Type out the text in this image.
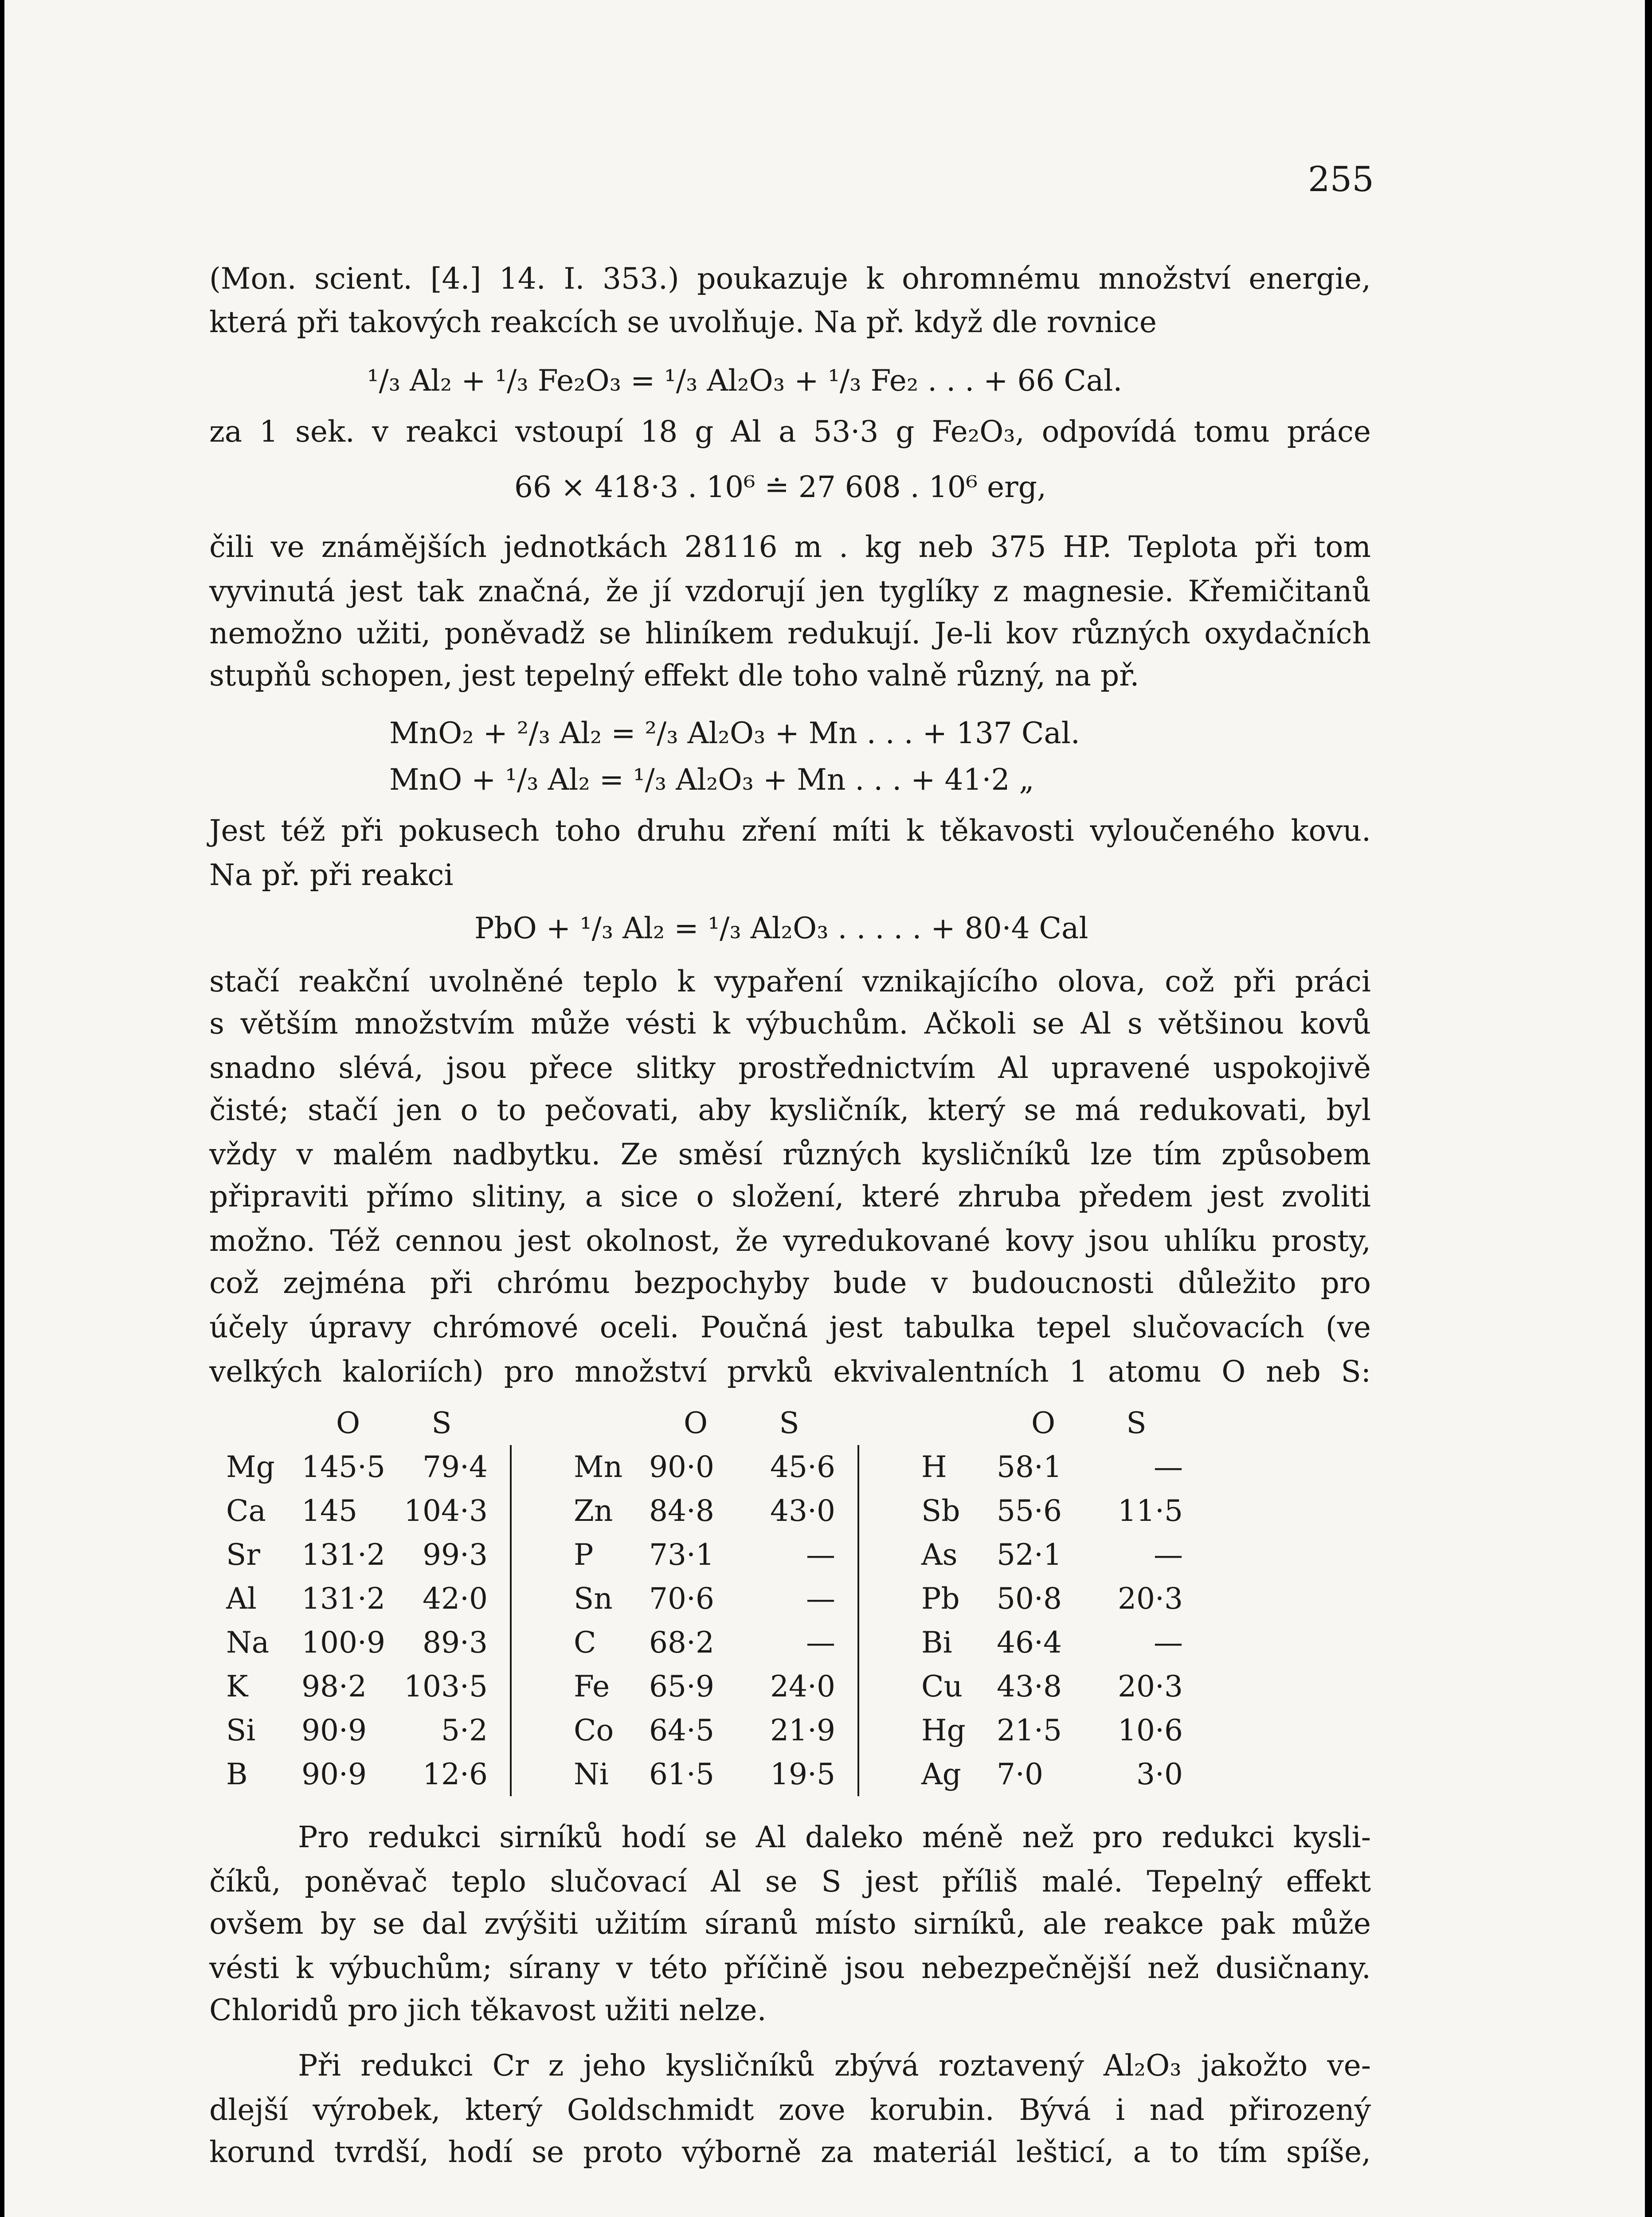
255
(Mon. scient. [4.] 14. I. 353.) poukazuje k ohromnému množství energie,
která při takových reakcích se uvolňuje. Na př. když dle rovnice
¹/₃ Al₂ + ¹/₃ Fe₂O₃ = ¹/₃ Al₂O₃ + ¹/₃ Fe₂ . . . + 66 Cal.
za 1 sek. v reakci vstoupí 18 g Al a 53·3 g Fe₂O₃, odpovídá tomu práce
66 × 418·3 . 10⁶ ≐ 27 608 . 10⁶ erg,
čili ve známějších jednotkách 28116 m . kg neb 375 HP. Teplota při tom
vyvinutá jest tak značná, že jí vzdorují jen tyglíky z magnesie. Křemičitanů
nemožno užiti, poněvadž se hliníkem redukují. Je-li kov různých oxydačních
stupňů schopen, jest tepelný effekt dle toho valně různý, na př.
MnO₂ + ²/₃ Al₂ = ²/₃ Al₂O₃ + Mn . . . + 137 Cal.
MnO + ¹/₃ Al₂ = ¹/₃ Al₂O₃ + Mn . . . + 41·2 „
Jest též při pokusech toho druhu zření míti k těkavosti vyloučeného kovu.
Na př. při reakci
PbO + ¹/₃ Al₂ = ¹/₃ Al₂O₃ . . . . . + 80·4 Cal
stačí reakční uvolněné teplo k vypaření vznikajícího olova, což při práci
s větším množstvím může vésti k výbuchům. Ačkoli se Al s většinou kovů
snadno slévá, jsou přece slitky prostřednictvím Al upravené uspokojivě
čisté; stačí jen o to pečovati, aby kysličník, který se má redukovati, byl
vždy v malém nadbytku. Ze směsí různých kysličníků lze tím způsobem
připraviti přímo slitiny, a sice o složení, které zhruba předem jest zvoliti
možno. Též cennou jest okolnost, že vyredukované kovy jsou uhlíku prosty,
což zejména při chrómu bezpochyby bude v budoucnosti důležito pro
účely úpravy chrómové oceli. Poučná jest tabulka tepel slučovacích (ve
velkých kaloriích) pro množství prvků ekvivalentních 1 atomu O neb S:
	O	S		O	S		O	S
Mg	145·5	79·4	Mn	90·0	45·6	H	58·1	—
Ca	145	104·3	Zn	84·8	43·0	Sb	55·6	11·5
Sr	131·2	99·3	P	73·1	—	As	52·1	—
Al	131·2	42·0	Sn	70·6	—	Pb	50·8	20·3
Na	100·9	89·3	C	68·2	—	Bi	46·4	—
K	98·2	103·5	Fe	65·9	24·0	Cu	43·8	20·3
Si	90·9	5·2	Co	64·5	21·9	Hg	21·5	10·6
B	90·9	12·6	Ni	61·5	19·5	Ag	7·0	3·0
Pro redukci sirníků hodí se Al daleko méně než pro redukci kysli-
číků, poněvač teplo slučovací Al se S jest příliš malé. Tepelný effekt
ovšem by se dal zvýšiti užitím síranů místo sirníků, ale reakce pak může
vésti k výbuchům; sírany v této příčině jsou nebezpečnější než dusičnany.
Chloridů pro jich těkavost užiti nelze.
Při redukci Cr z jeho kysličníků zbývá roztavený Al₂O₃ jakožto ve-
dlejší výrobek, který Goldschmidt zove korubin. Bývá i nad přirozený
korund tvrdší, hodí se proto výborně za materiál lešticí, a to tím spíše,
